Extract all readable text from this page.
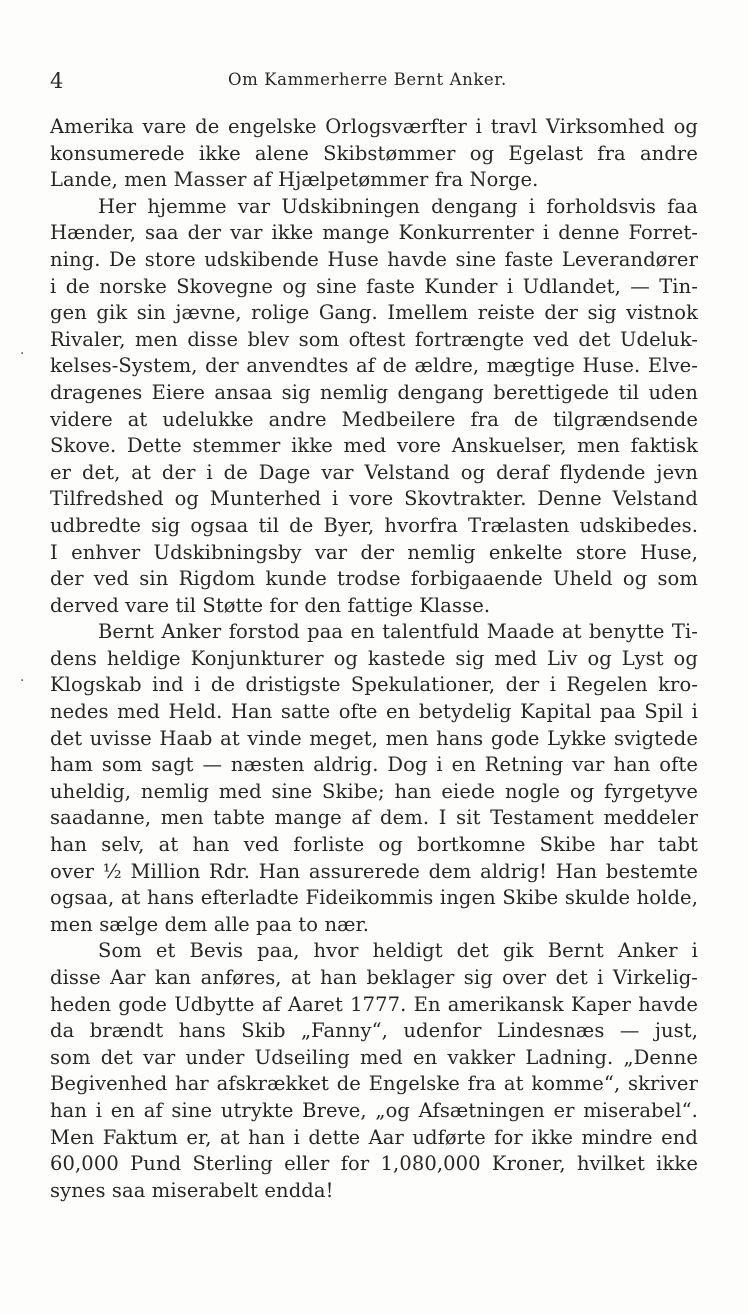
4	Om Kammerherre Bernt Anker.
·
·
Amerika vare de engelske Orlogsværfter i travl Virksomhed og
konsumerede ikke alene Skibstømmer og Egelast fra andre
Lande, men Masser af Hjælpetømmer fra Norge.
Her hjemme var Udskibningen dengang i forholdsvis faa
Hænder, saa der var ikke mange Konkurrenter i denne Forret-
ning. De store udskibende Huse havde sine faste Leverandører
i de norske Skovegne og sine faste Kunder i Udlandet, — Tin-
gen gik sin jævne, rolige Gang. Imellem reiste der sig vistnok
Rivaler, men disse blev som oftest fortrængte ved det Udeluk-
kelses-System, der anvendtes af de ældre, mægtige Huse. Elve-
dragenes Eiere ansaa sig nemlig dengang berettigede til uden
videre at udelukke andre Medbeilere fra de tilgrændsende
Skove. Dette stemmer ikke med vore Anskuelser, men faktisk
er det, at der i de Dage var Velstand og deraf flydende jevn
Tilfredshed og Munterhed i vore Skovtrakter. Denne Velstand
udbredte sig ogsaa til de Byer, hvorfra Trælasten udskibedes.
I enhver Udskibningsby var der nemlig enkelte store Huse,
der ved sin Rigdom kunde trodse forbigaaende Uheld og som
derved vare til Støtte for den fattige Klasse.
Bernt Anker forstod paa en talentfuld Maade at benytte Ti-
dens heldige Konjunkturer og kastede sig med Liv og Lyst og
Klogskab ind i de dristigste Spekulationer, der i Regelen kro-
nedes med Held. Han satte ofte en betydelig Kapital paa Spil i
det uvisse Haab at vinde meget, men hans gode Lykke svigtede
ham som sagt — næsten aldrig. Dog i en Retning var han ofte
uheldig, nemlig med sine Skibe; han eiede nogle og fyrgetyve
saadanne, men tabte mange af dem. I sit Testament meddeler
han selv, at han ved forliste og bortkomne Skibe har tabt
over ½ Million Rdr. Han assurerede dem aldrig! Han bestemte
ogsaa, at hans efterladte Fideikommis ingen Skibe skulde holde,
men sælge dem alle paa to nær.
Som et Bevis paa, hvor heldigt det gik Bernt Anker i
disse Aar kan anføres, at han beklager sig over det i Virkelig-
heden gode Udbytte af Aaret 1777. En amerikansk Kaper havde
da brændt hans Skib „Fanny“, udenfor Lindesnæs — just,
som det var under Udseiling med en vakker Ladning. „Denne
Begivenhed har afskrækket de Engelske fra at komme“, skriver
han i en af sine utrykte Breve, „og Afsætningen er miserabel“.
Men Faktum er, at han i dette Aar udførte for ikke mindre end
60,000 Pund Sterling eller for 1,080,000 Kroner, hvilket ikke
synes saa miserabelt endda!
